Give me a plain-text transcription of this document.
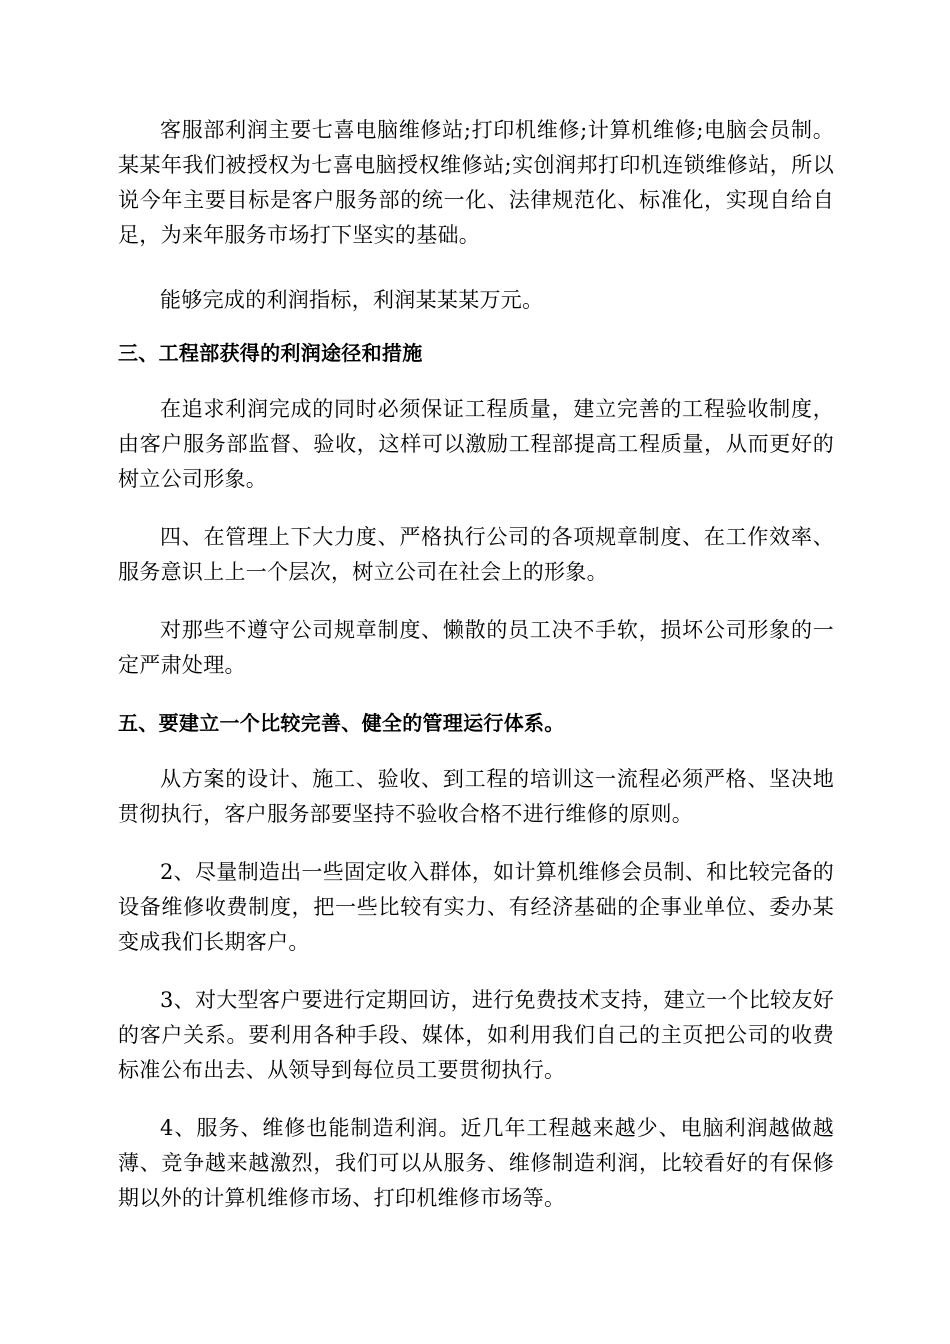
客服部利润主要七喜电脑维修站;打印机维修;计算机维修;电脑会员制。某某年我们被授权为七喜电脑授权维修站;实创润邦打印机连锁维修站，所以说今年主要目标是客户服务部的统一化、法律规范化、标准化，实现自给自足，为来年服务市场打下坚实的基础。

能够完成的利润指标，利润某某某万元。

三、工程部获得的利润途径和措施

在追求利润完成的同时必须保证工程质量，建立完善的工程验收制度，由客户服务部监督、验收，这样可以激励工程部提高工程质量，从而更好的树立公司形象。

四、在管理上下大力度、严格执行公司的各项规章制度、在工作效率、服务意识上上一个层次，树立公司在社会上的形象。

对那些不遵守公司规章制度、懒散的员工决不手软，损坏公司形象的一定严肃处理。

五、要建立一个比较完善、健全的管理运行体系。

从方案的设计、施工、验收、到工程的培训这一流程必须严格、坚决地贯彻执行，客户服务部要坚持不验收合格不进行维修的原则。

2、尽量制造出一些固定收入群体，如计算机维修会员制、和比较完备的设备维修收费制度，把一些比较有实力、有经济基础的企事业单位、委办某变成我们长期客户。

3、对大型客户要进行定期回访，进行免费技术支持，建立一个比较友好的客户关系。要利用各种手段、媒体，如利用我们自己的主页把公司的收费标准公布出去、从领导到每位员工要贯彻执行。

4、服务、维修也能制造利润。近几年工程越来越少、电脑利润越做越薄、竞争越来越激烈，我们可以从服务、维修制造利润，比较看好的有保修期以外的计算机维修市场、打印机维修市场等。
